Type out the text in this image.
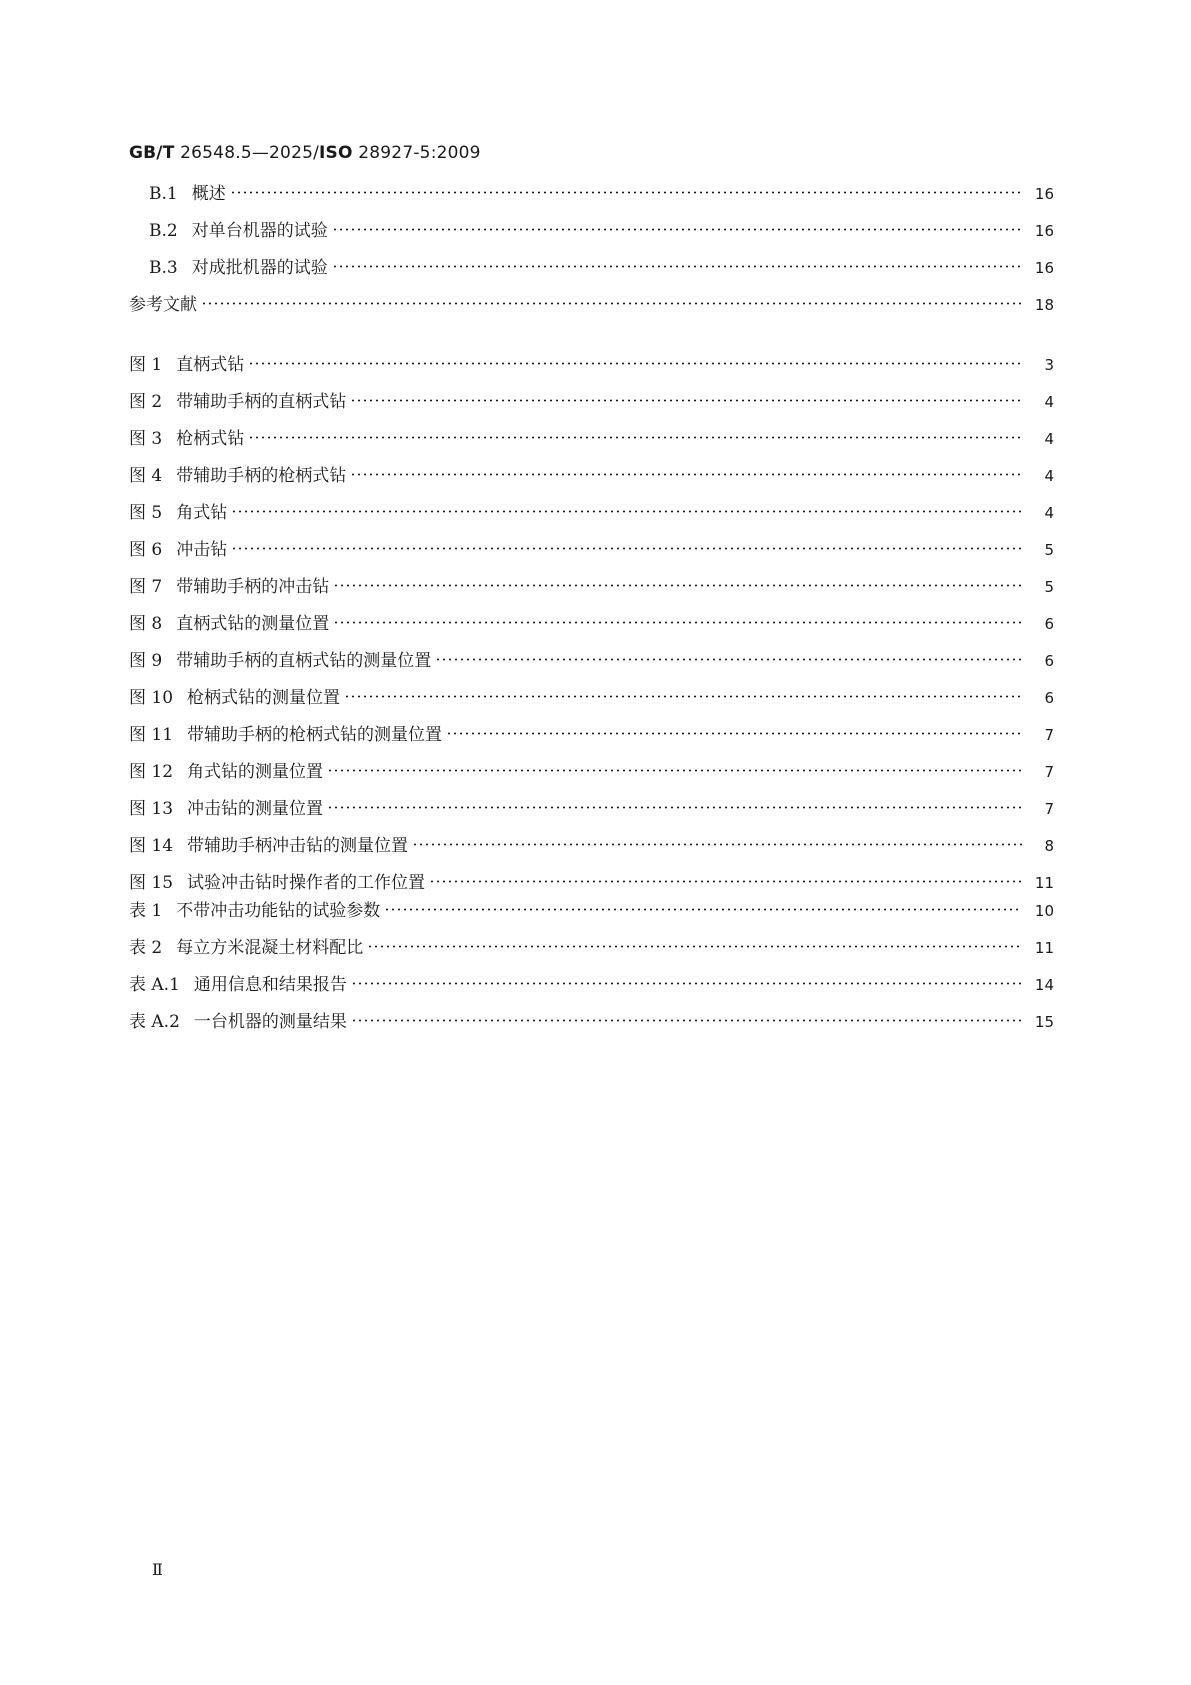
GB/T 26548.5—2025/ISO 28927-5:2009
B.1 概述	16
B.2 对单台机器的试验	16
B.3 对成批机器的试验	16
参考文献	18
图 1 直柄式钻	3
图 2 带辅助手柄的直柄式钻	4
图 3 枪柄式钻	4
图 4 带辅助手柄的枪柄式钻	4
图 5 角式钻	4
图 6 冲击钻	5
图 7 带辅助手柄的冲击钻	5
图 8 直柄式钻的测量位置	6
图 9 带辅助手柄的直柄式钻的测量位置	6
图 10 枪柄式钻的测量位置	6
图 11 带辅助手柄的枪柄式钻的测量位置	7
图 12 角式钻的测量位置	7
图 13 冲击钻的测量位置	7
图 14 带辅助手柄冲击钻的测量位置	8
图 15 试验冲击钻时操作者的工作位置	11
表 1 不带冲击功能钻的试验参数	10
表 2 每立方米混凝土材料配比	11
表 A.1 通用信息和结果报告	14
表 A.2 一台机器的测量结果	15
Ⅱ
